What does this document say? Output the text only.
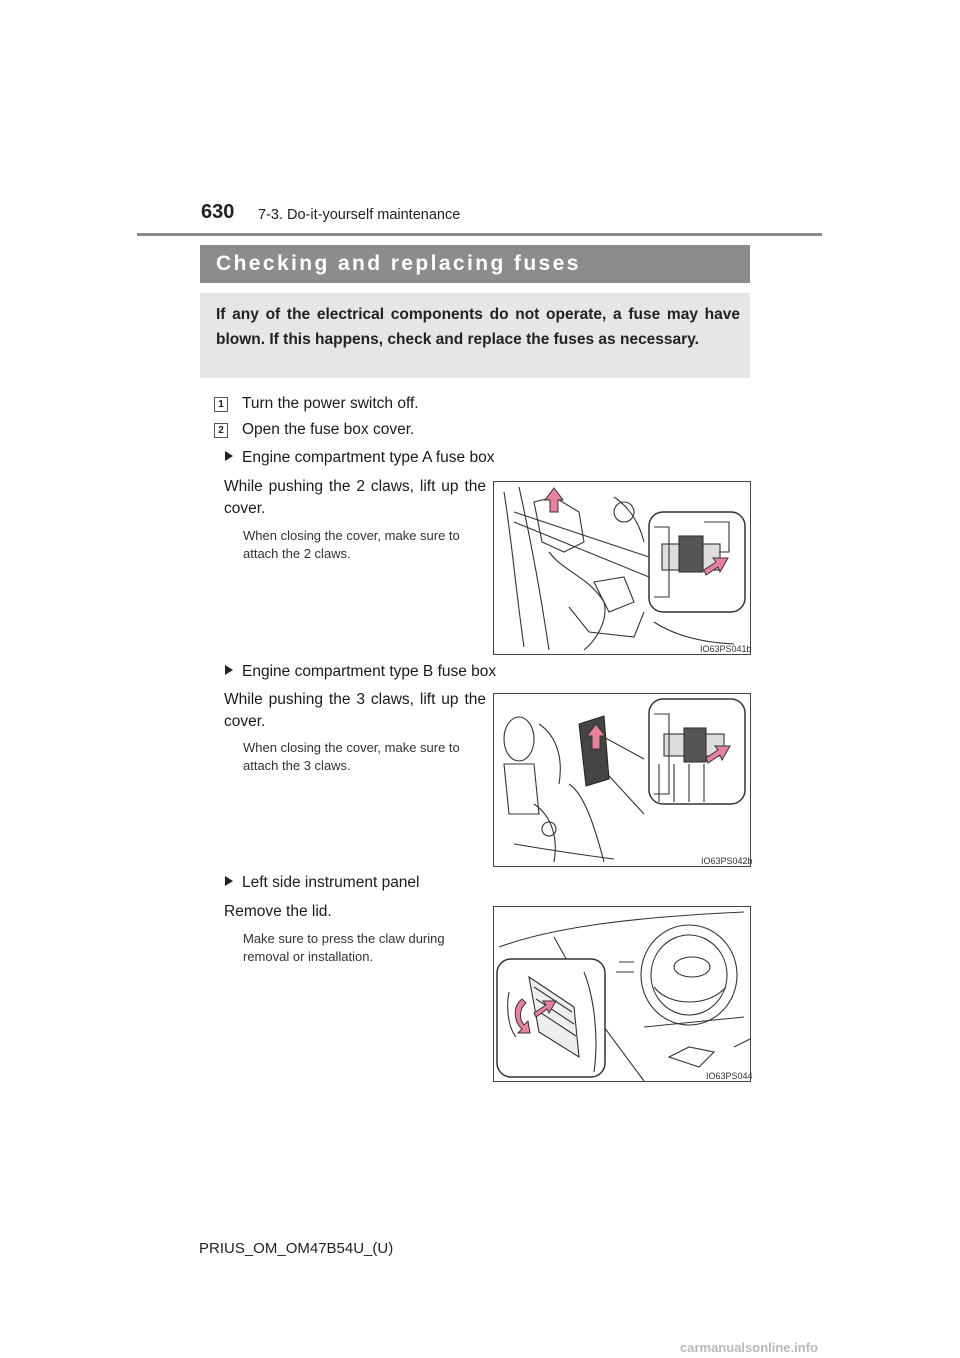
630 7-3. Do-it-yourself maintenance
Checking and replacing fuses
If any of the electrical components do not operate, a fuse may have blown. If this happens, check and replace the fuses as necessary.
1 Turn the power switch off.
2 Open the fuse box cover.
Engine compartment type A fuse box
While pushing the 2 claws, lift up the cover.
When closing the cover, make sure to attach the 2 claws.
IO63PS041b
Engine compartment type B fuse box
While pushing the 3 claws, lift up the cover.
When closing the cover, make sure to attach the 3 claws.
IO63PS042b
Left side instrument panel
Remove the lid.
Make sure to press the claw during removal or installation.
IO63PS044
PRIUS_OM_OM47B54U_(U)
carmanualsonline.info
